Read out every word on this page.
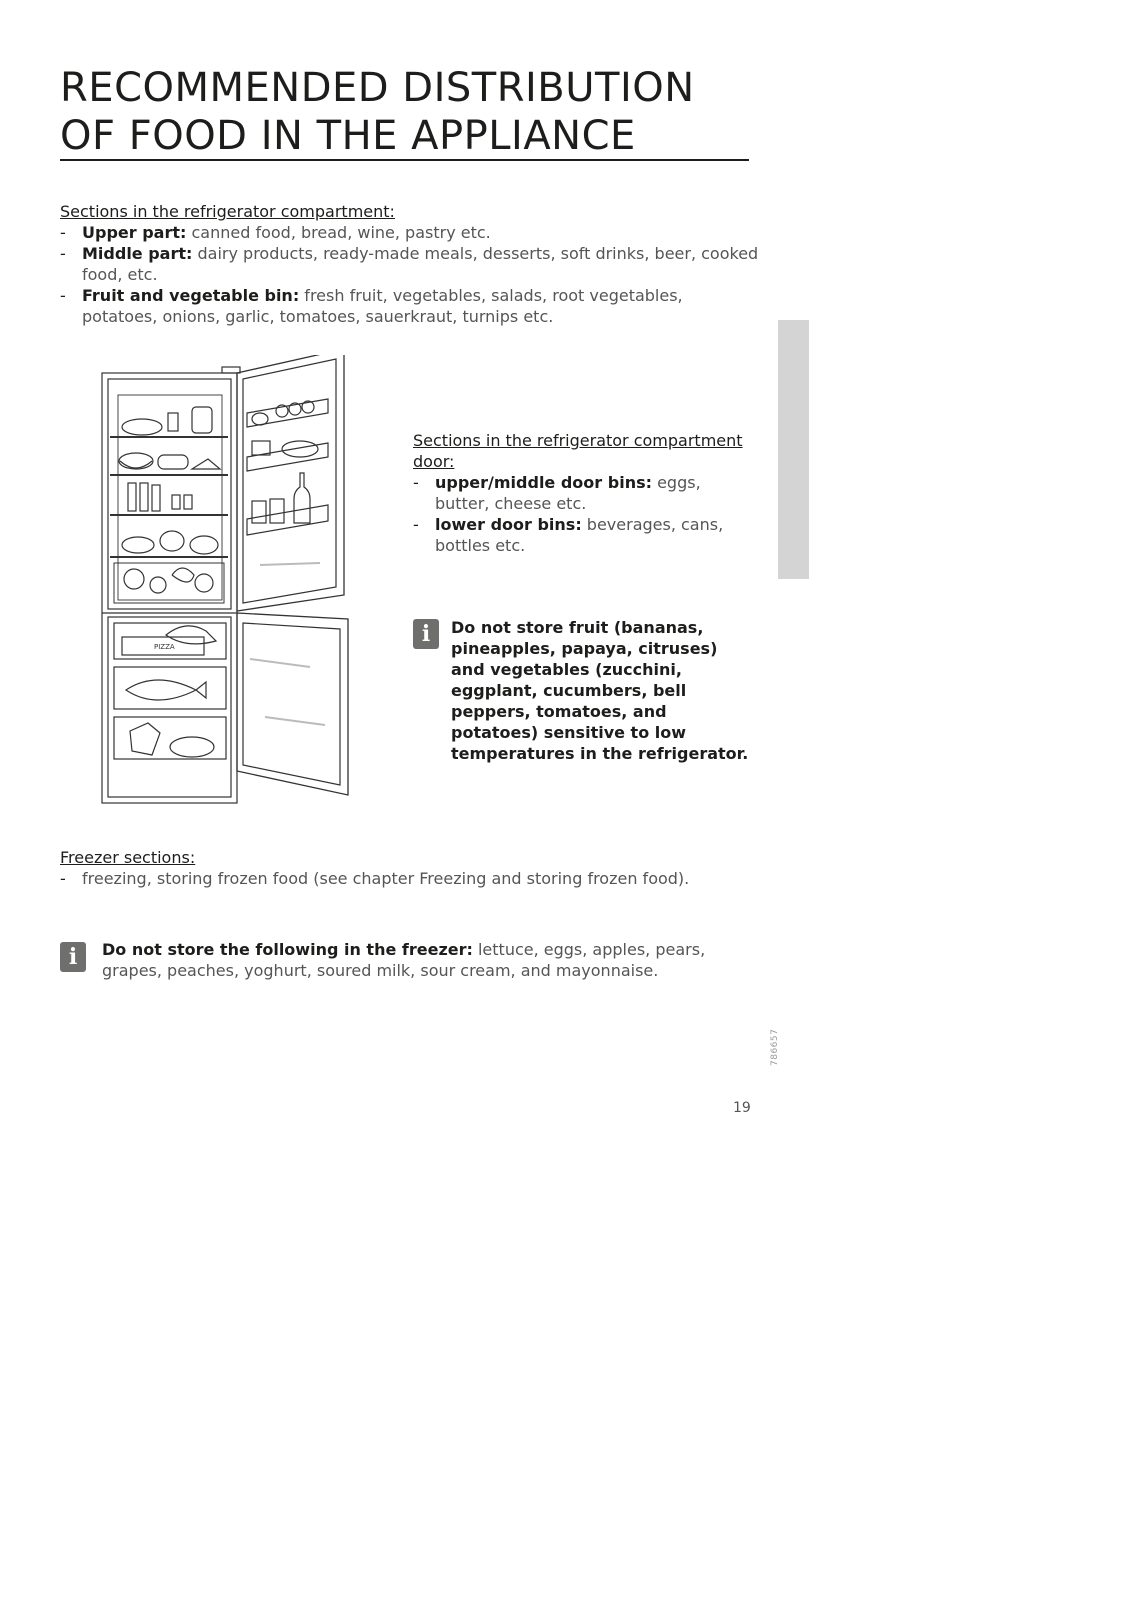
RECOMMENDED DISTRIBUTION
OF FOOD IN THE APPLIANCE
Sections in the refrigerator compartment:
- Upper part: canned food, bread, wine, pastry etc.
- Middle part: dairy products, ready-made meals, desserts, soft drinks, beer, cooked food, etc.
- Fruit and vegetable bin: fresh fruit, vegetables, salads, root vegetables, potatoes, onions, garlic, tomatoes, sauerkraut, turnips etc.
PIZZA
Sections in the refrigerator compartment door:
- upper/middle door bins: eggs, butter, cheese etc.
- lower door bins: beverages, cans, bottles etc.
i	Do not store fruit (bananas, pineapples, papaya, citruses) and vegetables (zucchini, eggplant, cucumbers, bell peppers, tomatoes, and potatoes) sensitive to low temperatures in the refrigerator.

Freezer sections:
- freezing, storing frozen food (see chapter Freezing and storing frozen food).
i	Do not store the following in the freezer: lettuce, eggs, apples, pears, grapes, peaches, yoghurt, soured milk, sour cream, and mayonnaise.

786657
19
